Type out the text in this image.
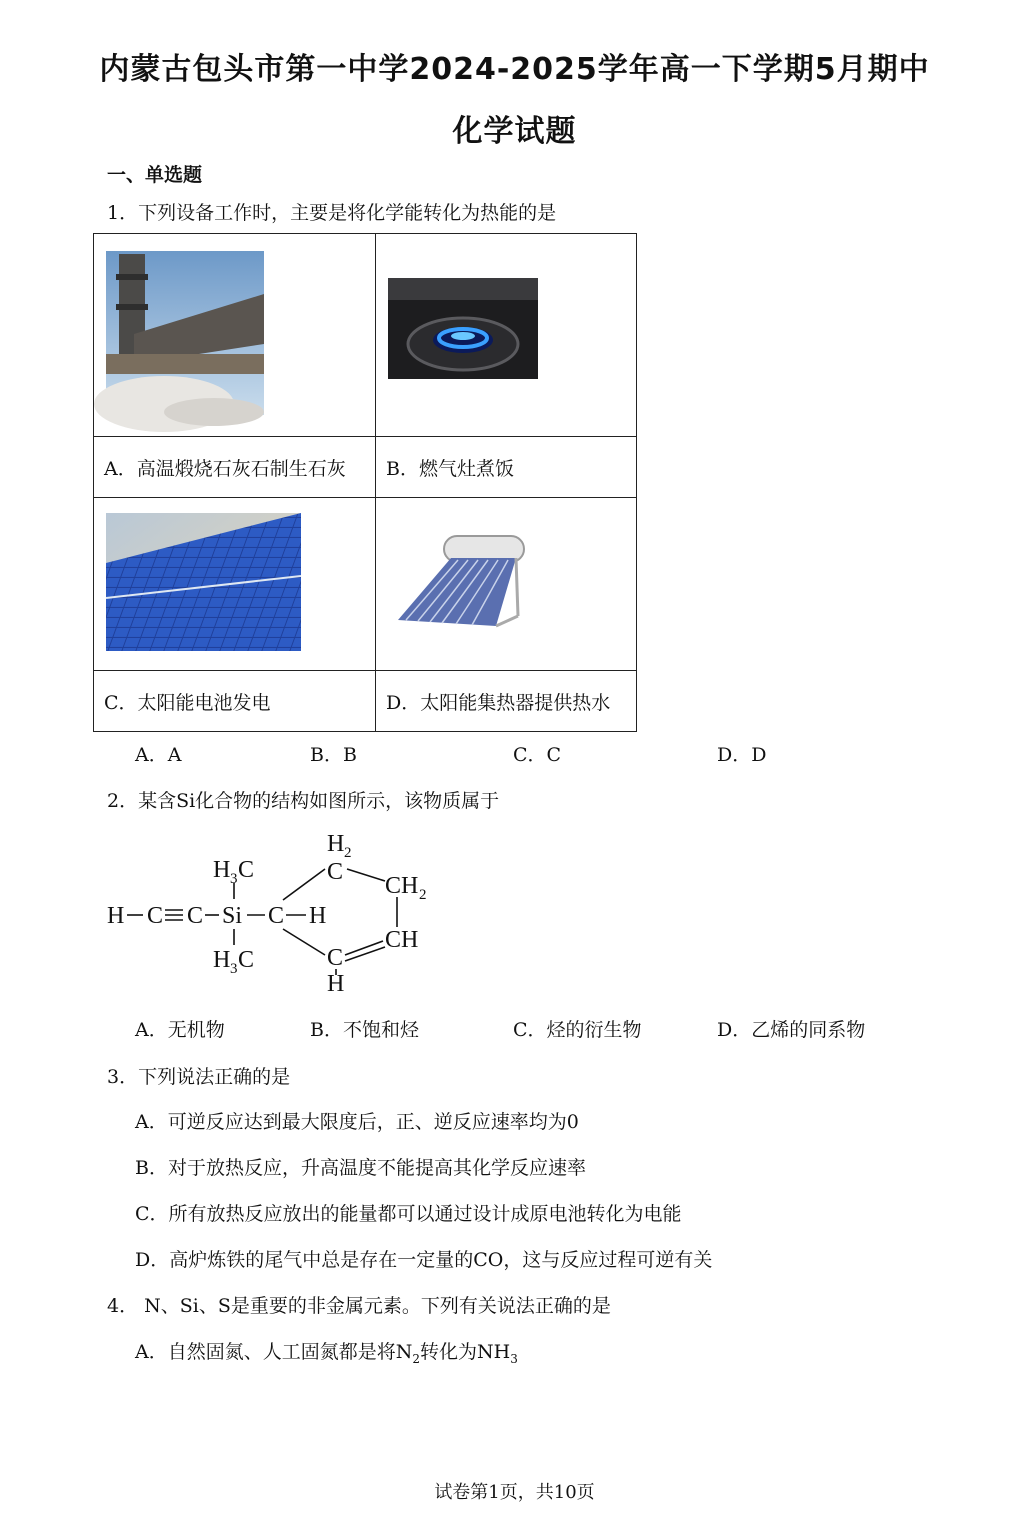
内蒙古包头市第一中学2024-2025学年高一下学期5月期中
化学试题
一、单选题
1．下列设备工作时，主要是将化学能转化为热能的是

A．高温煅烧石灰石制生石灰	B．燃气灶煮饭

C．太阳能电池发电	D．太阳能集热器提供热水
A．A	B．B	C．C	D．D
2．某含Si化合物的结构如图所示，该物质属于
H 2
C
CH 2
H C C Si C H
H 3 C
H 3 C
CH
C
H
A．无机物	B．不饱和烃	C．烃的衍生物	D．乙烯的同系物
3．下列说法正确的是
A．可逆反应达到最大限度后，正、逆反应速率均为0
B．对于放热反应，升高温度不能提高其化学反应速率
C．所有放热反应放出的能量都可以通过设计成原电池转化为电能
D．高炉炼铁的尾气中总是存在一定量的CO，这与反应过程可逆有关
4． N、Si、S是重要的非金属元素。下列有关说法正确的是
A．自然固氮、人工固氮都是将$N_2$转化为$NH_3$
试卷第1页，共10页
